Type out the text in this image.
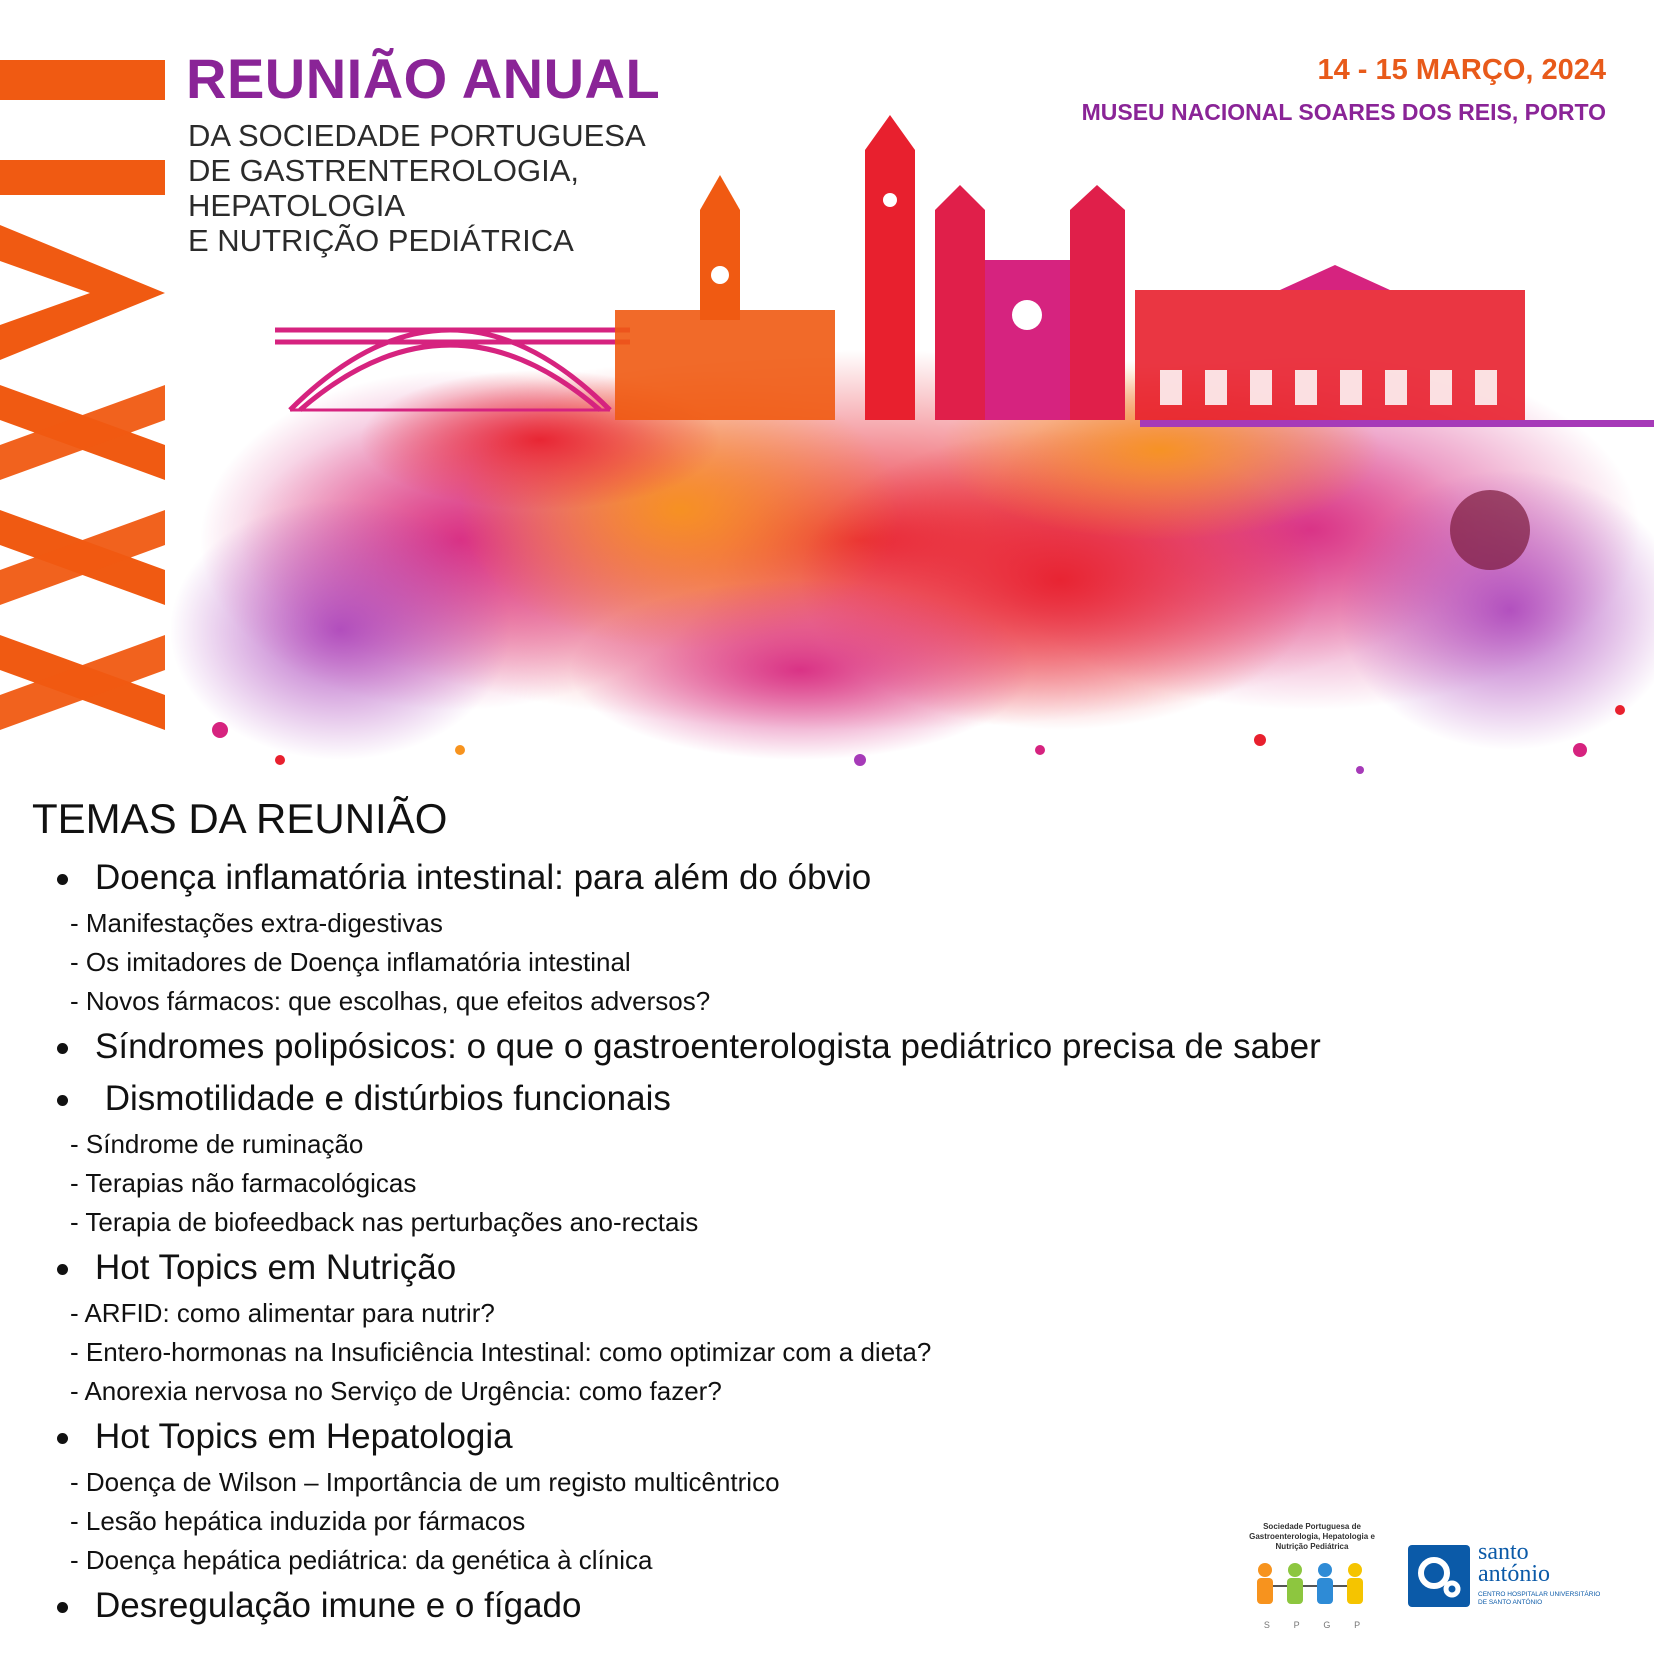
REUNIÃO ANUAL
DA SOCIEDADE PORTUGUESA
DE GASTRENTEROLOGIA,
HEPATOLOGIA
E NUTRIÇÃO PEDIÁTRICA
14 - 15 MARÇO, 2024
MUSEU NACIONAL SOARES DOS REIS, PORTO
TEMAS DA REUNIÃO
Doença inflamatória intestinal: para além do óbvio
- Manifestações extra-digestivas
- Os imitadores de Doença inflamatória intestinal
- Novos fármacos: que escolhas, que efeitos adversos?
Síndromes polipósicos: o que o gastroenterologista pediátrico precisa de saber
Dismotilidade e distúrbios funcionais
- Síndrome de ruminação
- Terapias não farmacológicas
- Terapia de biofeedback nas perturbações ano-rectais
Hot Topics em Nutrição
- ARFID: como alimentar para nutrir?
- Entero-hormonas na Insuficiência Intestinal: como optimizar com a dieta?
- Anorexia nervosa no Serviço de Urgência: como fazer?
Hot Topics em Hepatologia
- Doença de Wilson – Importância de um registo multicêntrico
- Lesão hepática induzida por fármacos
- Doença hepática pediátrica: da genética à clínica
Desregulação imune e o fígado
Sociedade Portuguesa de Gastroenterologia, Hepatologia e Nutrição Pediátrica
S	P	G	P
santo antónio
CENTRO HOSPITALAR UNIVERSITÁRIO DE SANTO ANTÓNIO
